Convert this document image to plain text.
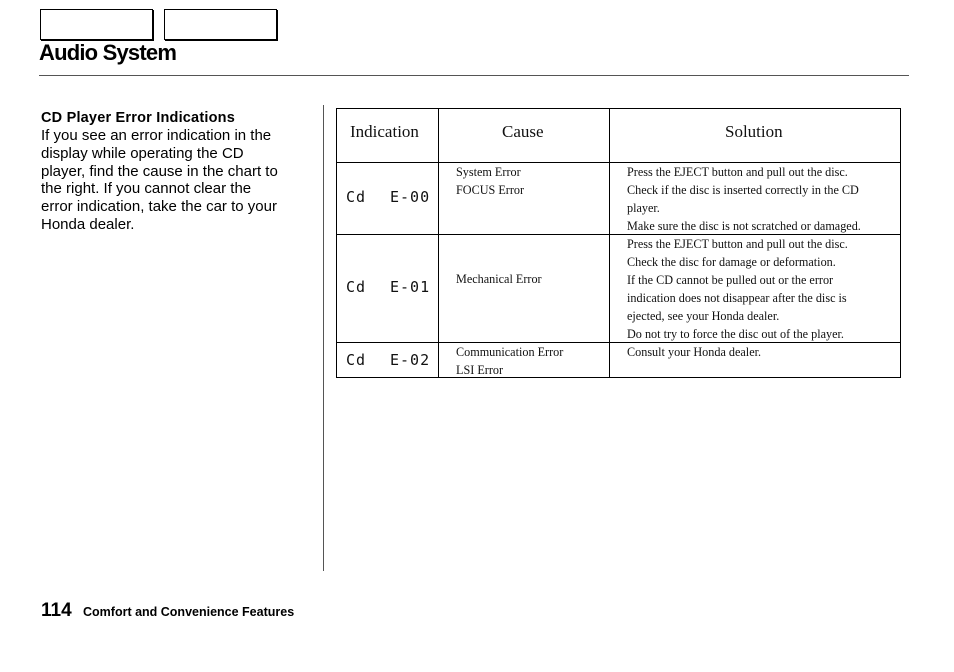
Audio System
CD Player Error Indications

If you see an error indication in the
display while operating the CD
player, find the cause in the chart to
the right. If you cannot clear the
error indication, take the car to your
Honda dealer.

Indication	Cause	Solution
Cd E-00
System Error
FOCUS Error
Press the EJECT button and pull out the disc.
Check if the disc is inserted correctly in the CD
player.
Make sure the disc is not scratched or damaged.
Cd E-01 Mechanical Error
Press the EJECT button and pull out the disc.
Check the disc for damage or deformation.
If the CD cannot be pulled out or the error
indication does not disappear after the disc is
ejected, see your Honda dealer.
Do not try to force the disc out of the player.
Cd E-02 Communication Error
LSI Error
Consult your Honda dealer.

114 Comfort and Convenience Features
